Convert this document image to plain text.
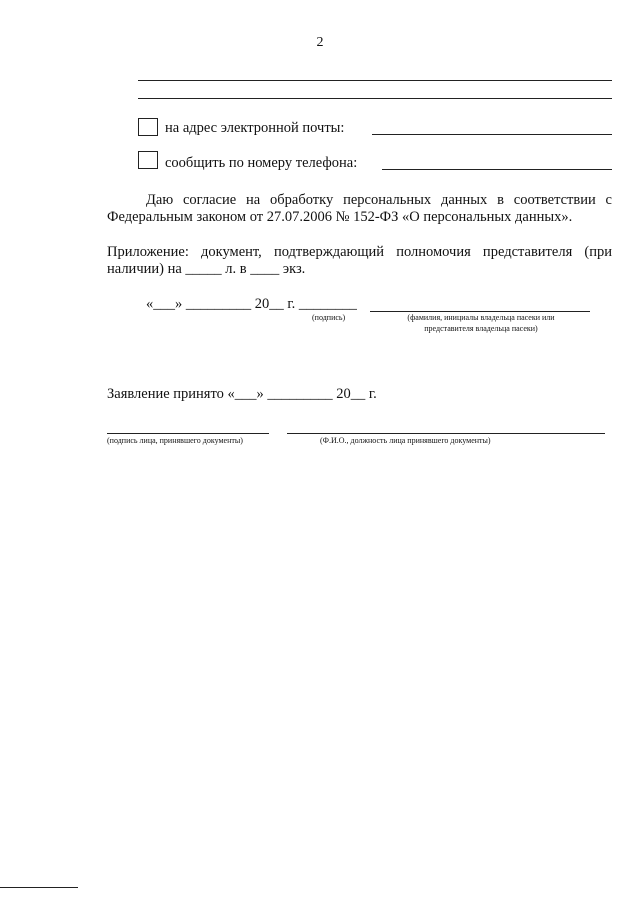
2
на адрес электронной почты:
сообщить по номеру телефона:
Даю согласие на обработку персональных данных в соответствии с
Федеральным законом от 27.07.2006 № 152-ФЗ «О персональных данных».
Приложение: документ, подтверждающий полномочия представителя (при
наличии) на _____ л. в ____ экз.
«___» _________ 20__ г. ________
(подпись)	(фамилия, инициалы владельца пасеки или
представителя владельца пасеки)
Заявление принято «___» _________ 20__ г.
(подпись лица, принявшего документы)	(Ф.И.О., должность лица принявшего документы)
